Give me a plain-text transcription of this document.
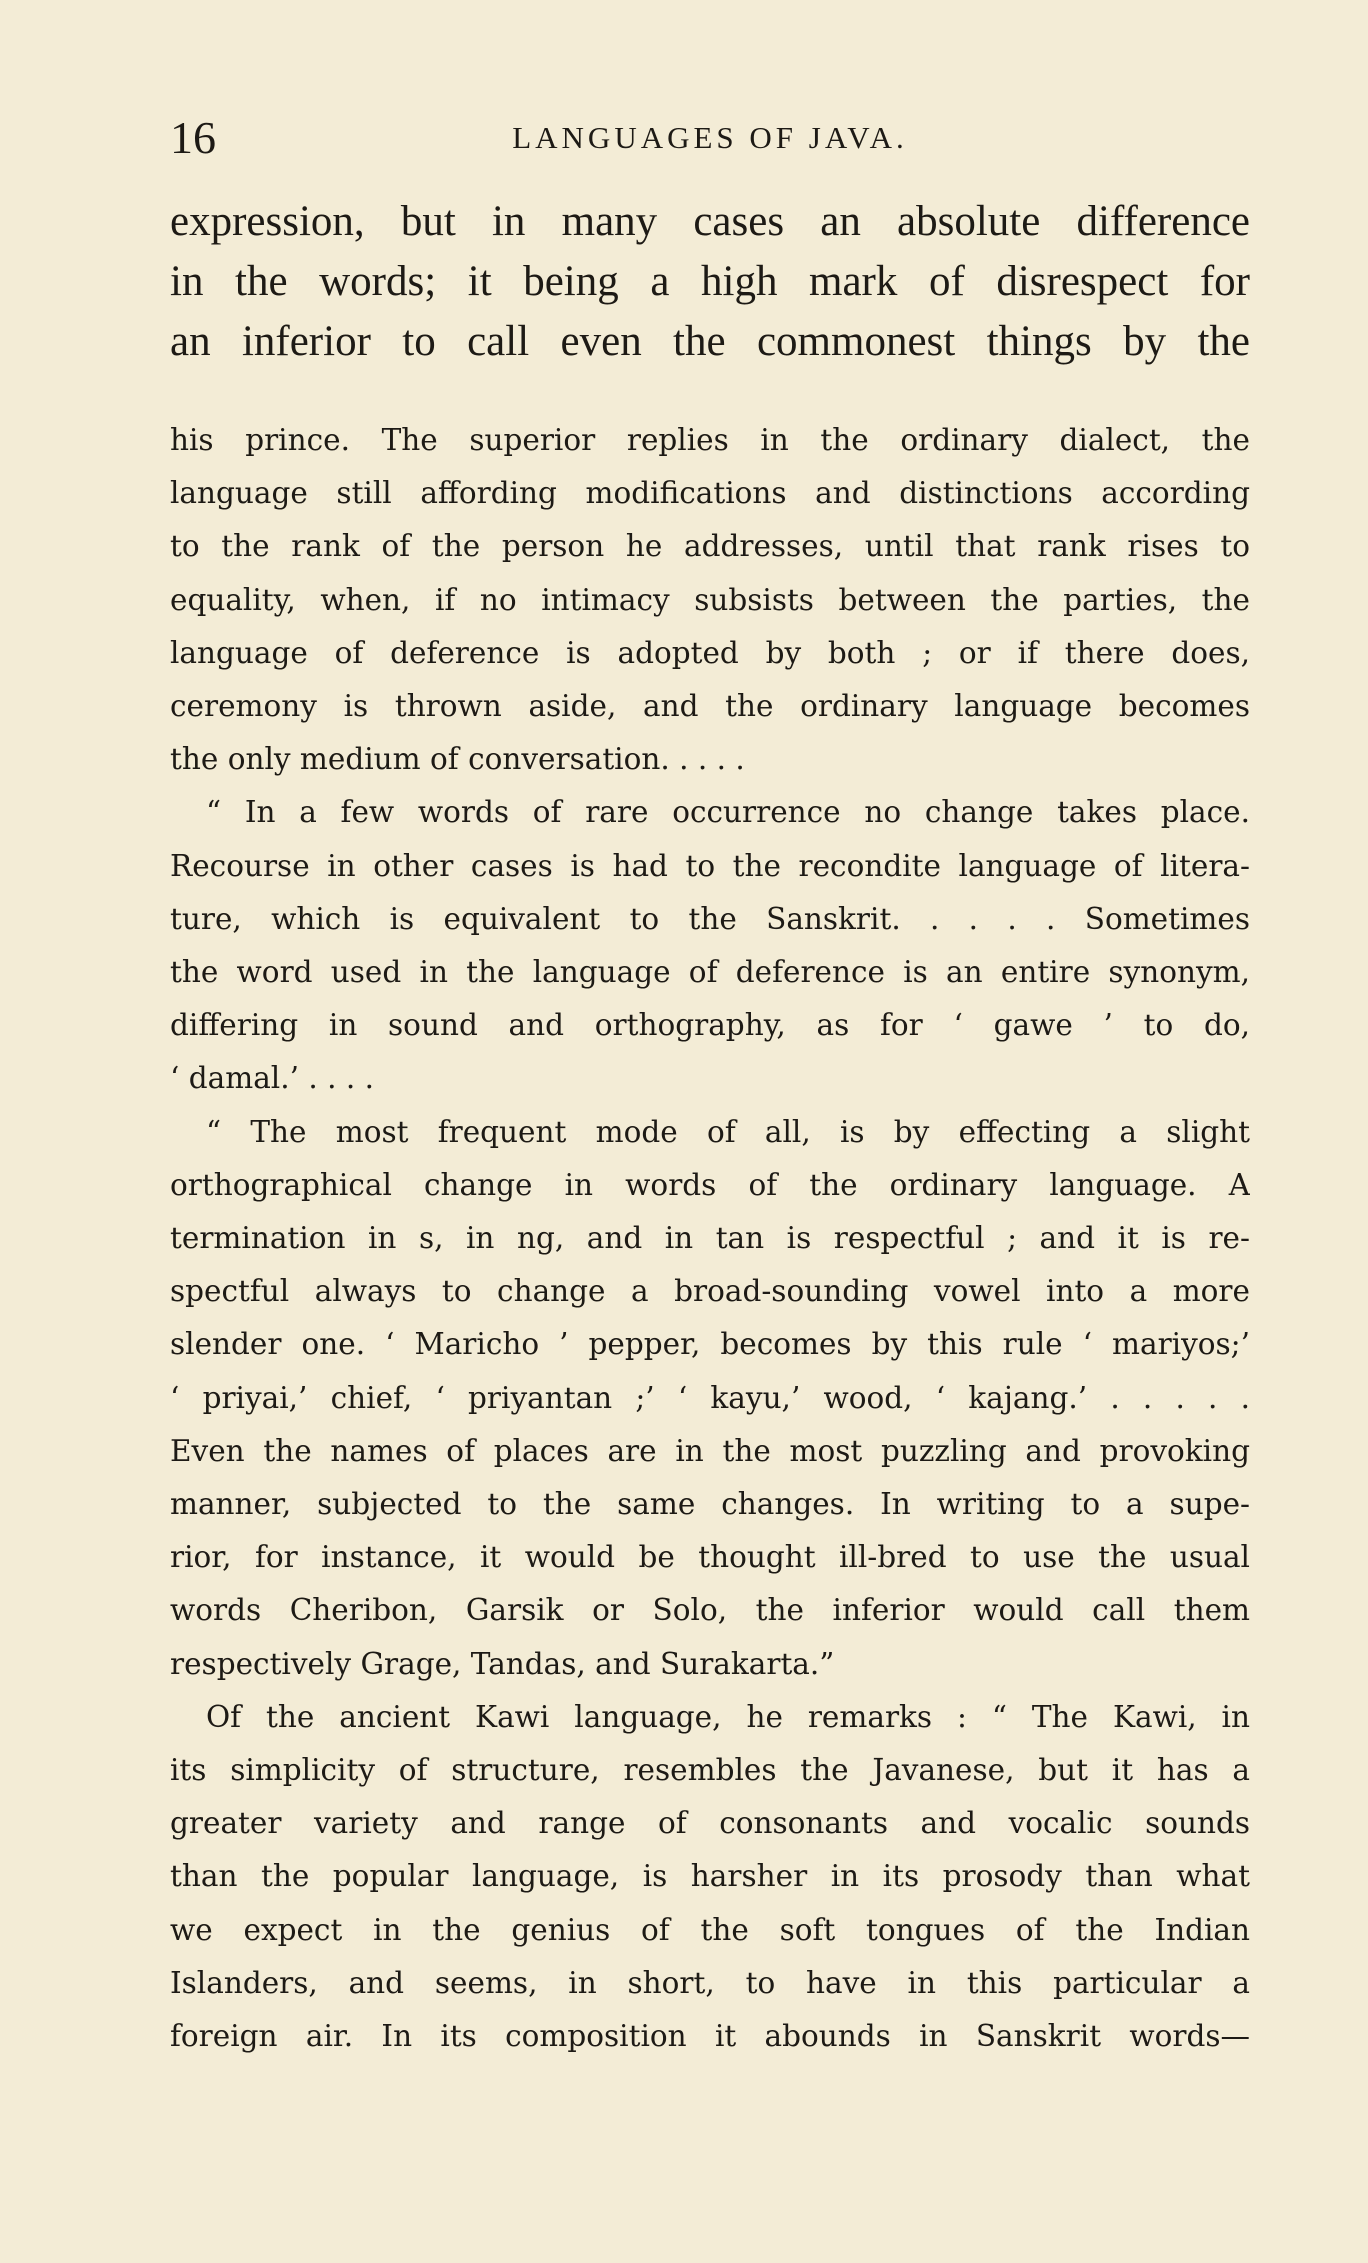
16	LANGUAGES OF JAVA.
expression, but in many cases an absolute difference
in the words; it being a high mark of disrespect for
an inferior to call even the commonest things by the
his prince. The superior replies in the ordinary dialect, the
language still affording modifications and distinctions according
to the rank of the person he addresses, until that rank rises to
equality, when, if no intimacy subsists between the parties, the
language of deference is adopted by both ; or if there does,
ceremony is thrown aside, and the ordinary language becomes
the only medium of conversation. . . . .
“ In a few words of rare occurrence no change takes place.
Recourse in other cases is had to the recondite language of litera-
ture, which is equivalent to the Sanskrit. . . . . Sometimes
the word used in the language of deference is an entire synonym,
differing in sound and orthography, as for ‘ gawe ’ to do,
‘ damal.’ . . . .
“ The most frequent mode of all, is by effecting a slight
orthographical change in words of the ordinary language. A
termination in s, in ng, and in tan is respectful ; and it is re-
spectful always to change a broad-sounding vowel into a more
slender one. ‘ Maricho ’ pepper, becomes by this rule ‘ mariyos;’
‘ priyai,’ chief, ‘ priyantan ;’ ‘ kayu,’ wood, ‘ kajang.’ . . . . .
Even the names of places are in the most puzzling and provoking
manner, subjected to the same changes. In writing to a supe-
rior, for instance, it would be thought ill-bred to use the usual
words Cheribon, Garsik or Solo, the inferior would call them
respectively Grage, Tandas, and Surakarta.”
Of the ancient Kawi language, he remarks : “ The Kawi, in
its simplicity of structure, resembles the Javanese, but it has a
greater variety and range of consonants and vocalic sounds
than the popular language, is harsher in its prosody than what
we expect in the genius of the soft tongues of the Indian
Islanders, and seems, in short, to have in this particular a
foreign air. In its composition it abounds in Sanskrit words—
